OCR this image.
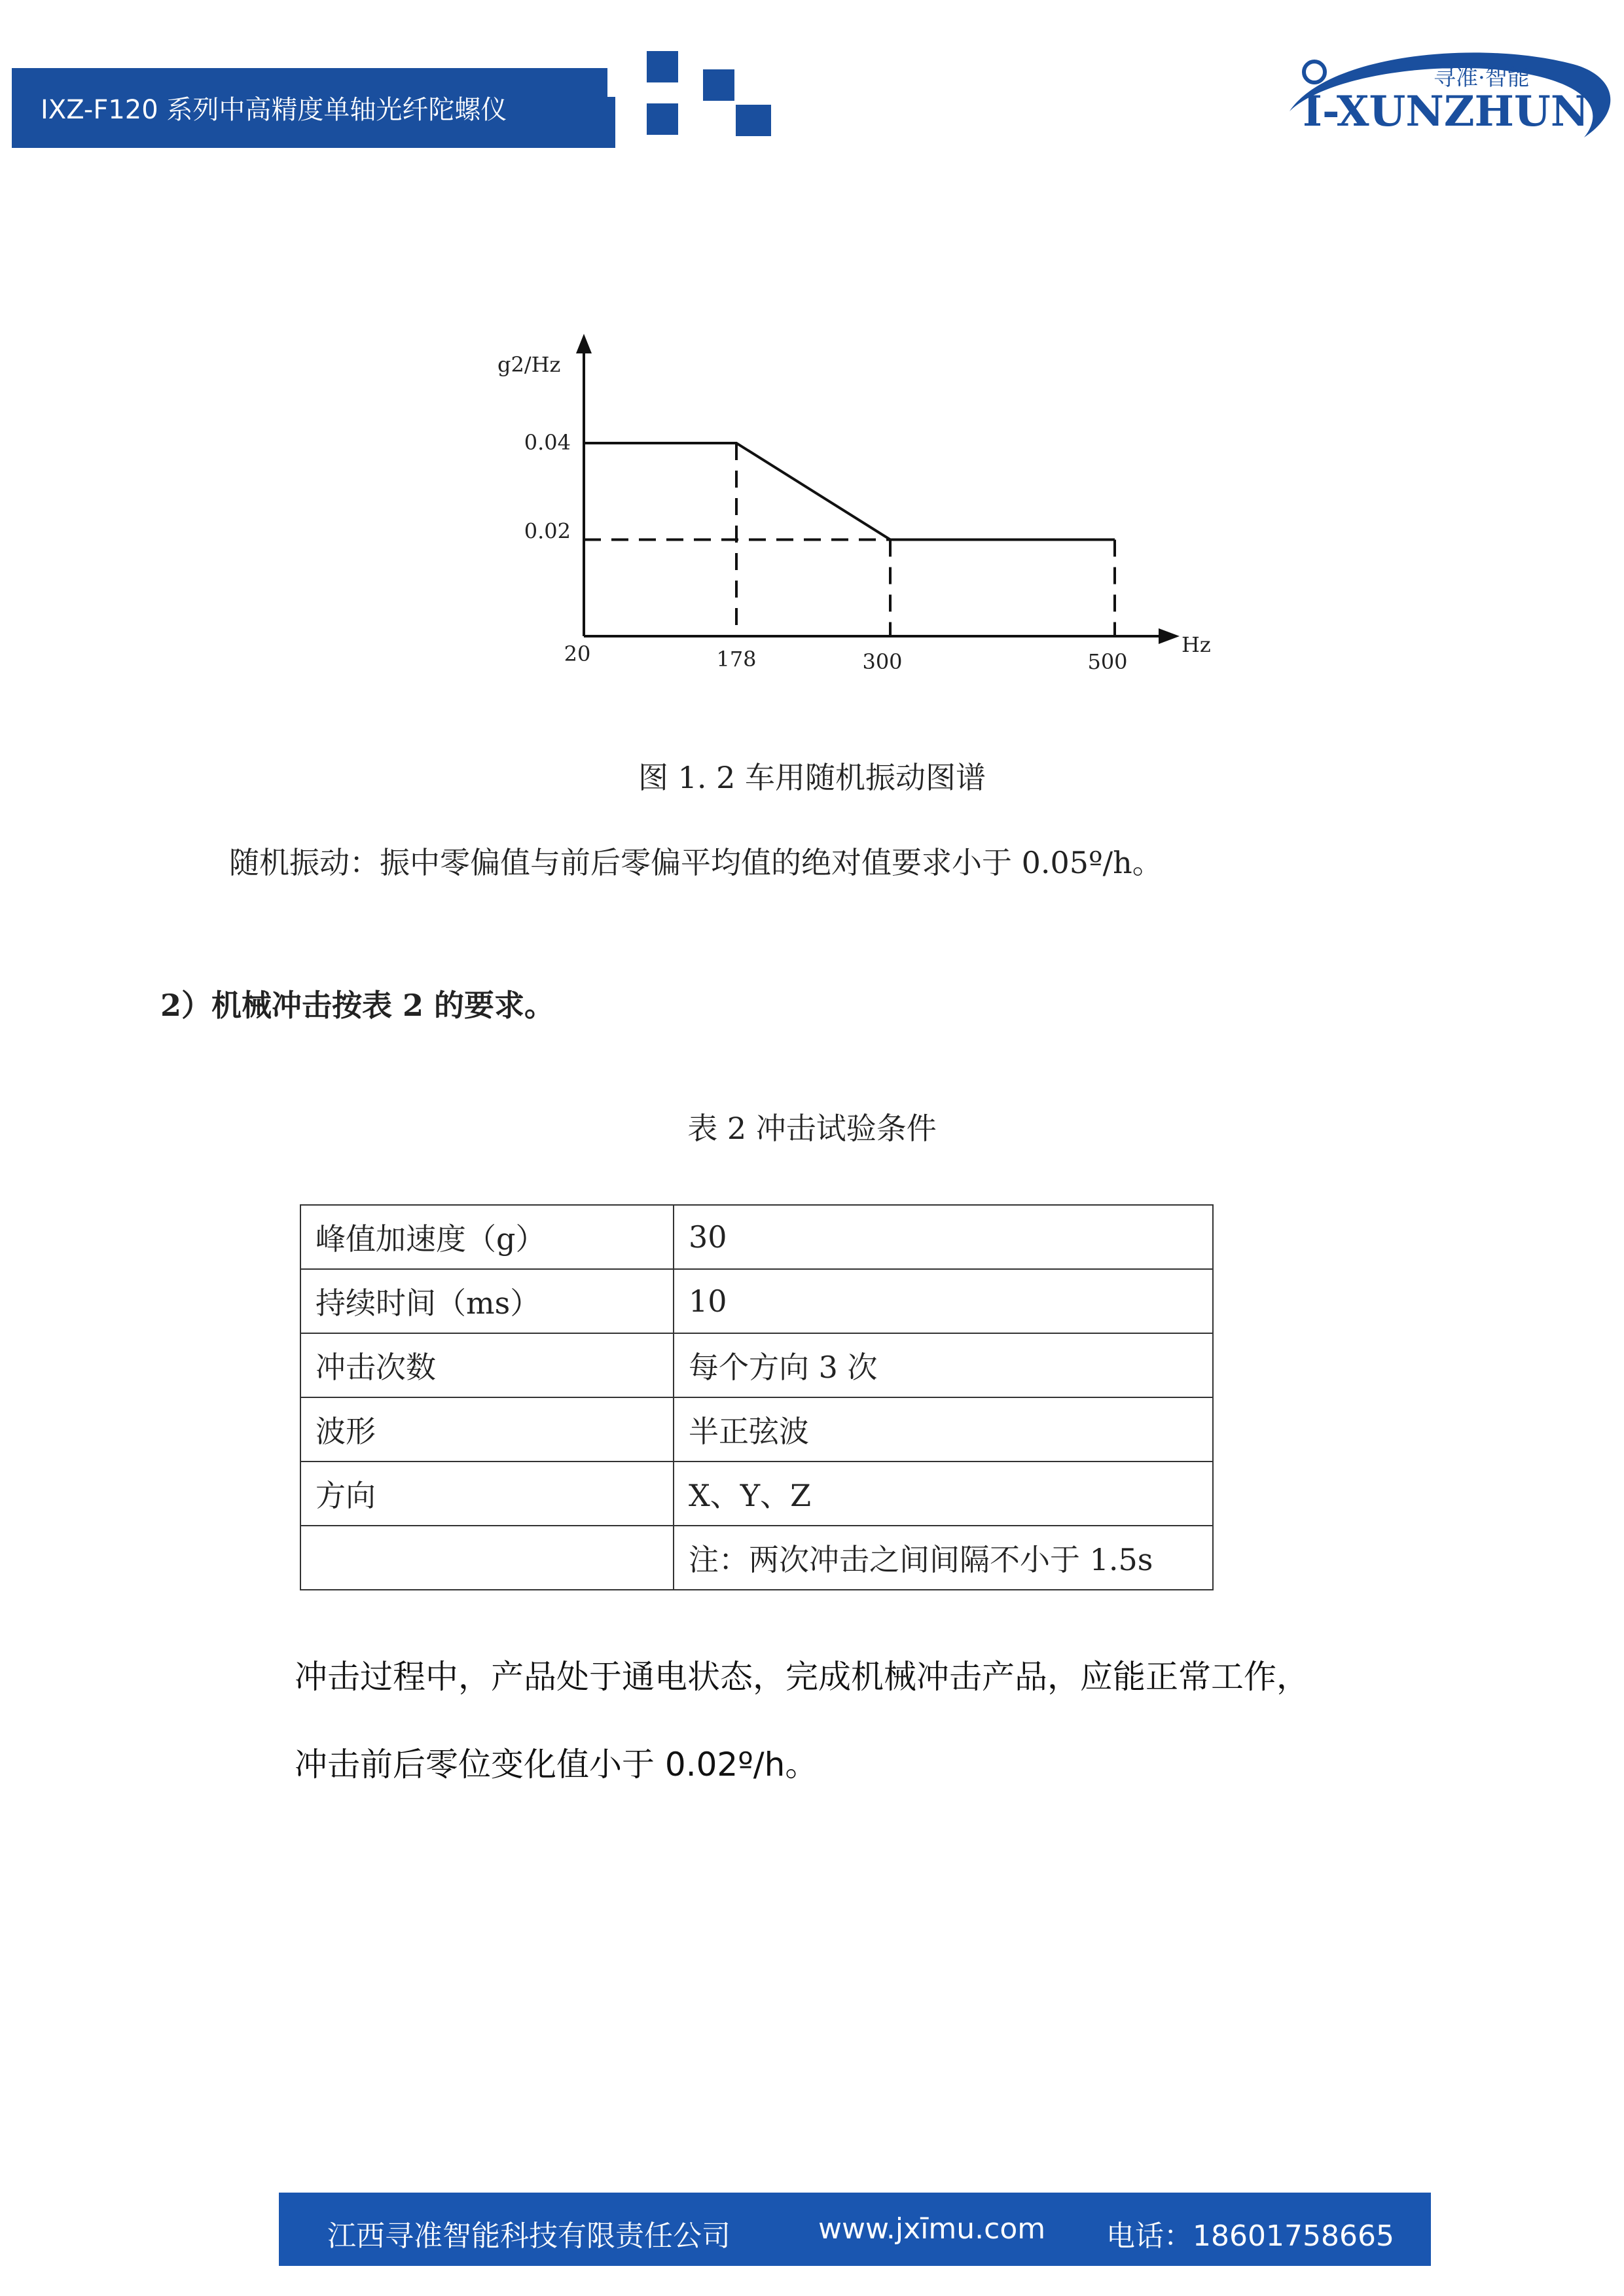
IXZ-F120 系列中高精度单轴光纤陀螺仪
寻准·智能
I-XUNZHUN
g2/Hz
Hz
0.04
0.02
20	178	300	500
图 1. 2 车用随机振动图谱
随机振动：振中零偏值与前后零偏平均值的绝对值要求小于 0.05º/h。
2）机械冲击按表 2 的要求。
表 2 冲击试验条件
峰值加速度（g）	30
持续时间（ms）	10
冲击次数	每个方向 3 次
波形	半正弦波
方向	X、Y、Z
	注：两次冲击之间间隔不小于 1.5s
冲击过程中，产品处于通电状态，完成机械冲击产品，应能正常工作，
冲击前后零位变化值小于 0.02º/h。
江西寻准智能科技有限责任公司	www.jxīmu.com 电话：18601758665
